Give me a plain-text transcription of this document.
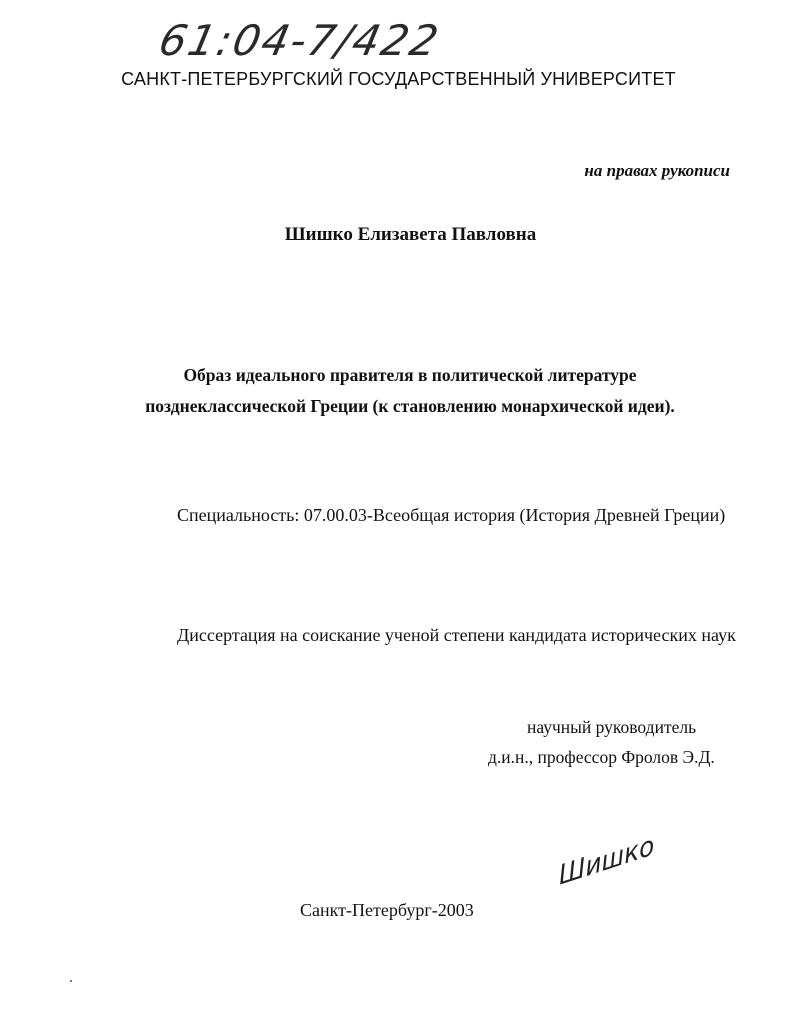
61:04-7/422
САНКТ-ПЕТЕРБУРГСКИЙ ГОСУДАРСТВЕННЫЙ УНИВЕРСИТЕТ
на правах рукописи
Шишко Елизавета Павловна
Образ идеального правителя в политической литературе
позднеклассической Греции (к становлению монархической идеи).
Специальность: 07.00.03-Всеобщая история (История Древней Греции)
Диссертация на соискание ученой степени кандидата исторических наук
научный руководитель
д.и.н., профессор Фролов Э.Д.
Шишко
Санкт-Петербург-2003
